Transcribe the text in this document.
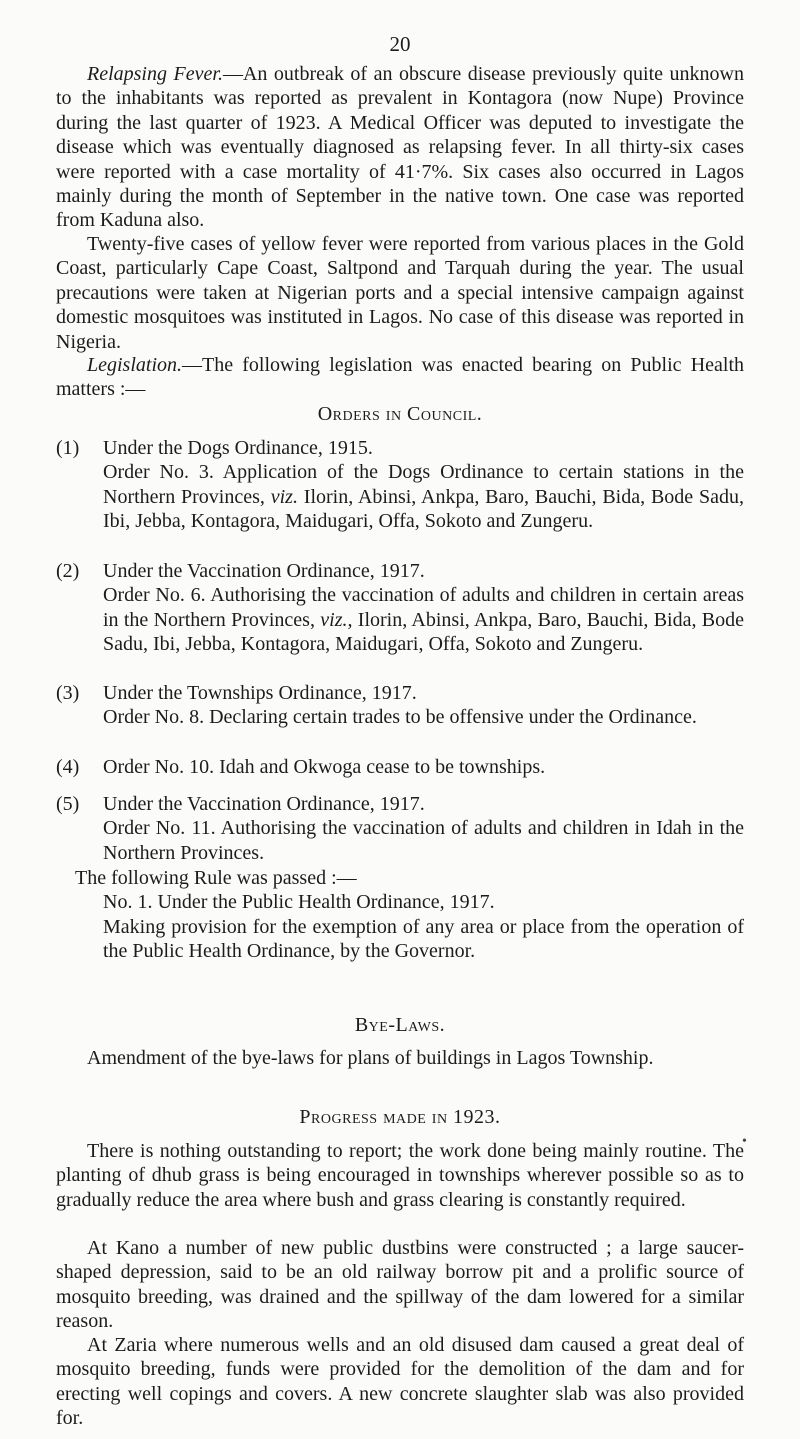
20

Relapsing Fever.—An outbreak of an obscure disease previously quite unknown to the inhabitants was reported as prevalent in Kontagora (now Nupe) Province during the last quarter of 1923. A Medical Officer was deputed to investigate the disease which was eventually diagnosed as relapsing fever. In all thirty-six cases were reported with a case mortality of 41·7%. Six cases also occurred in Lagos mainly during the month of September in the native town. One case was reported from Kaduna also.

Twenty-five cases of yellow fever were reported from various places in the Gold Coast, particularly Cape Coast, Saltpond and Tarquah during the year. The usual precautions were taken at Nigerian ports and a special intensive campaign against domestic mosquitoes was instituted in Lagos. No case of this disease was reported in Nigeria.

Legislation.—The following legislation was enacted bearing on Public Health matters :—

Orders in Council.

(1) Under the Dogs Ordinance, 1915.
Order No. 3. Application of the Dogs Ordinance to certain stations in the Northern Provinces, viz. Ilorin, Abinsi, Ankpa, Baro, Bauchi, Bida, Bode Sadu, Ibi, Jebba, Kontagora, Maidugari, Offa, Sokoto and Zungeru.
(2) Under the Vaccination Ordinance, 1917.
Order No. 6. Authorising the vaccination of adults and children in certain areas in the Northern Provinces, viz., Ilorin, Abinsi, Ankpa, Baro, Bauchi, Bida, Bode Sadu, Ibi, Jebba, Kontagora, Maidugari, Offa, Sokoto and Zungeru.
(3) Under the Townships Ordinance, 1917.
Order No. 8. Declaring certain trades to be offensive under the Ordinance.
(4) Order No. 10. Idah and Okwoga cease to be townships.
(5) Under the Vaccination Ordinance, 1917.
Order No. 11. Authorising the vaccination of adults and children in Idah in the Northern Provinces.

The following Rule was passed :—

No. 1. Under the Public Health Ordinance, 1917.

Making provision for the exemption of any area or place from the operation of the Public Health Ordinance, by the Governor.

Bye-Laws.

Amendment of the bye-laws for plans of buildings in Lagos Township.

Progress made in 1923.

There is nothing outstanding to report; the work done being mainly routine. The planting of dhub grass is being encouraged in townships wherever possible so as to gradually reduce the area where bush and grass clearing is constantly required.

At Kano a number of new public dustbins were constructed ; a large saucer-shaped depression, said to be an old railway borrow pit and a prolific source of mosquito breeding, was drained and the spillway of the dam lowered for a similar reason.

At Zaria where numerous wells and an old disused dam caused a great deal of mosquito breeding, funds were provided for the demolition of the dam and for erecting well copings and covers. A new concrete slaughter slab was also provided for.

•
